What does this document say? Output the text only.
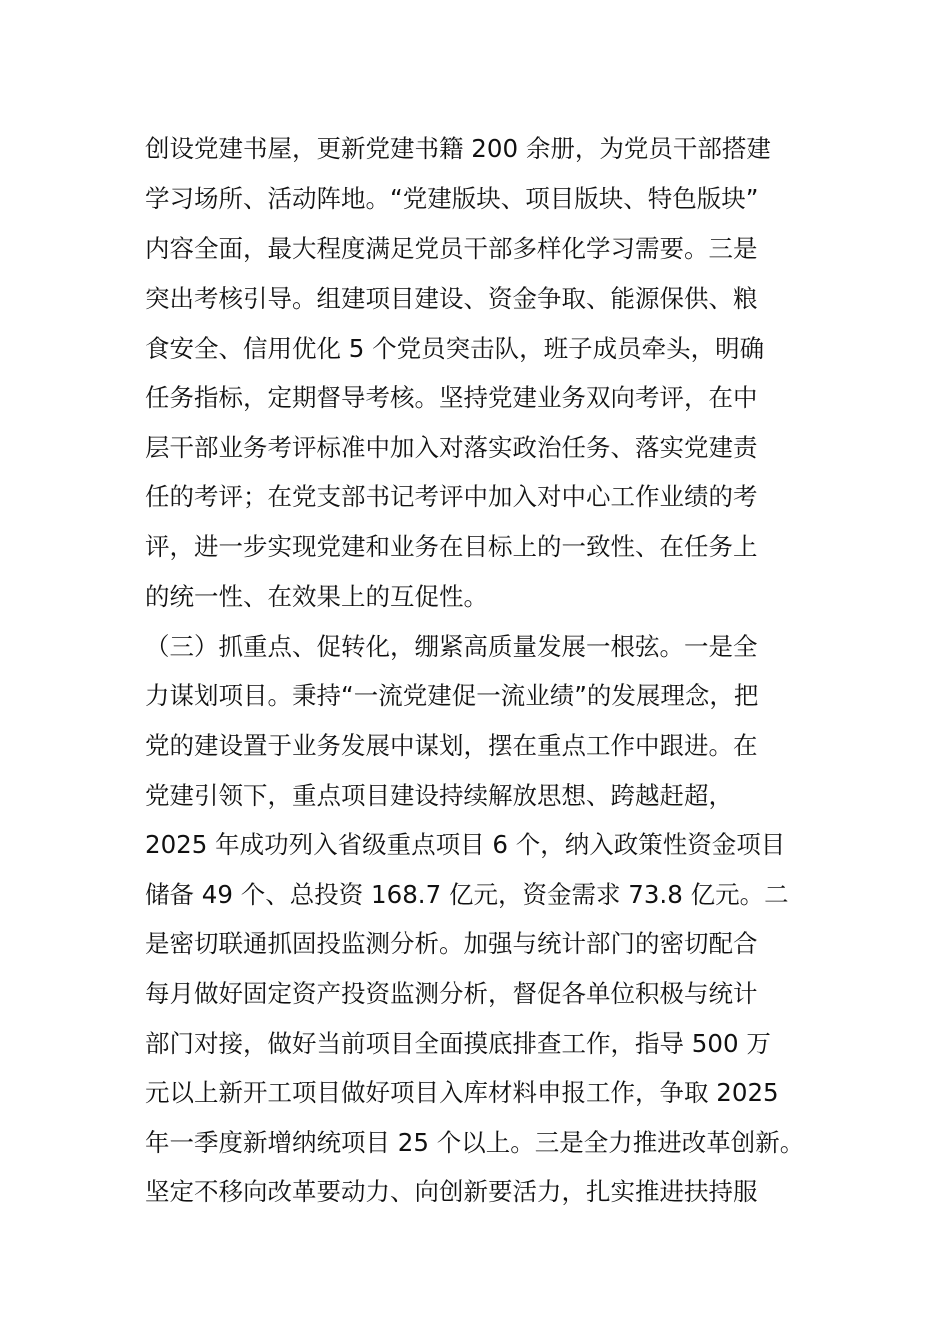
创设党建书屋，更新党建书籍 200 余册，为党员干部搭建
学习场所、活动阵地。“党建版块、项目版块、特色版块”
内容全面，最大程度满足党员干部多样化学习需要。三是
突出考核引导。组建项目建设、资金争取、能源保供、粮
食安全、信用优化 5 个党员突击队，班子成员牵头，明确
任务指标，定期督导考核。坚持党建业务双向考评，在中
层干部业务考评标准中加入对落实政治任务、落实党建责
任的考评；在党支部书记考评中加入对中心工作业绩的考
评，进一步实现党建和业务在目标上的一致性、在任务上
的统一性、在效果上的互促性。
（三）抓重点、促转化，绷紧高质量发展一根弦。一是全
力谋划项目。秉持“一流党建促一流业绩”的发展理念，把
党的建设置于业务发展中谋划，摆在重点工作中跟进。在
党建引领下，重点项目建设持续解放思想、跨越赶超，
2025 年成功列入省级重点项目 6 个，纳入政策性资金项目
储备 49 个、总投资 168.7 亿元，资金需求 73.8 亿元。二
是密切联通抓固投监测分析。加强与统计部门的密切配合
每月做好固定资产投资监测分析，督促各单位积极与统计
部门对接，做好当前项目全面摸底排查工作，指导 500 万
元以上新开工项目做好项目入库材料申报工作，争取 2025
年一季度新增纳统项目 25 个以上。三是全力推进改革创新。
坚定不移向改革要动力、向创新要活力，扎实推进扶持服
